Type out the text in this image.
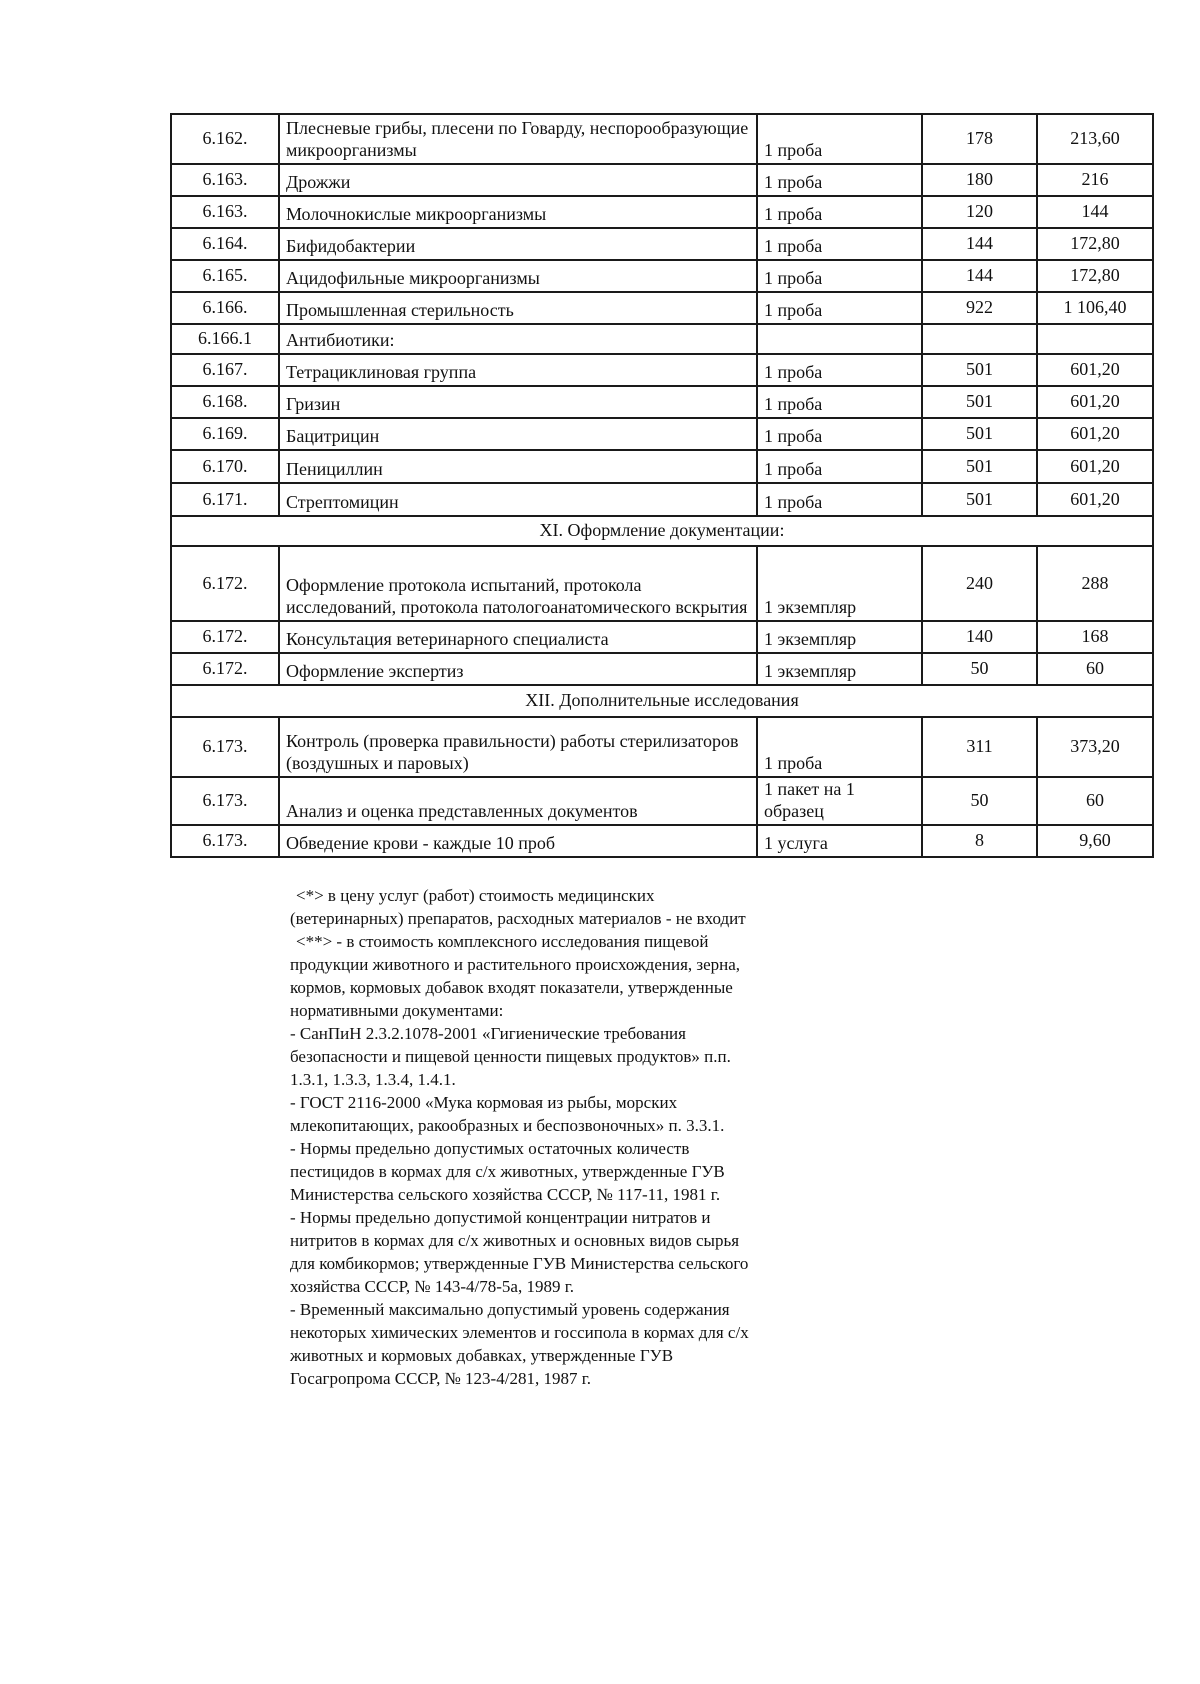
6.162.	Плесневые грибы, плесени по Говарду, неспорообразующие микроорганизмы	1 проба	178	213,60
6.163.	Дрожжи	1 проба	180	216
6.163.	Молочнокислые микроорганизмы	1 проба	120	144
6.164.	Бифидобактерии	1 проба	144	172,80
6.165.	Ацидофильные микроорганизмы	1 проба	144	172,80
6.166.	Промышленная стерильность	1 проба	922	1 106,40
6.166.1	Антибиотики:			
6.167.	Тетрациклиновая группа	1 проба	501	601,20
6.168.	Гризин	1 проба	501	601,20
6.169.	Бацитрицин	1 проба	501	601,20
6.170.	Пенициллин	1 проба	501	601,20
6.171.	Стрептомицин	1 проба	501	601,20
XI. Оформление документации:				
6.172.	Оформление протокола испытаний, протокола исследований, протокола патологоанатомического вскрытия	1 экземпляр	240	288
6.172.	Консультация ветеринарного специалиста	1 экземпляр	140	168
6.172.	Оформление экспертиз	1 экземпляр	50	60
XII. Дополнительные исследования				
6.173.	Контроль (проверка правильности) работы стерилизаторов (воздушных и паровых)	1 проба	311	373,20
6.173.	Анализ и оценка представленных документов	1 пакет на 1 образец	50	60
6.173.	Обведение крови - каждые 10 проб	1 услуга	8	9,60

<*> в цену услуг (работ) стоимость медицинских (ветеринарных) препаратов, расходных материалов - не входит

<**> - в стоимость комплексного исследования пищевой продукции животного и растительного происхождения, зерна, кормов, кормовых добавок входят показатели, утвержденные нормативными документами:

- СанПиН 2.3.2.1078-2001 «Гигиенические требования безопасности и пищевой ценности пищевых продуктов» п.п. 1.3.1, 1.3.3, 1.3.4, 1.4.1.

- ГОСТ 2116-2000 «Мука кормовая из рыбы, морских млекопитающих, ракообразных и беспозвоночных» п. 3.3.1.

- Нормы предельно допустимых остаточных количеств пестицидов в кормах для с/х животных, утвержденные ГУВ Министерства сельского хозяйства СССР, № 117-11, 1981 г.

- Нормы предельно допустимой концентрации нитратов и нитритов в кормах для с/х животных и основных видов сырья для комбикормов; утвержденные ГУВ Министерства сельского хозяйства СССР, № 143-4/78-5а, 1989 г.

- Временный максимально допустимый уровень содержания некоторых химических элементов и госсипола в кормах для с/х животных и кормовых добавках, утвержденные ГУВ Госагропрома СССР, № 123-4/281, 1987 г.
